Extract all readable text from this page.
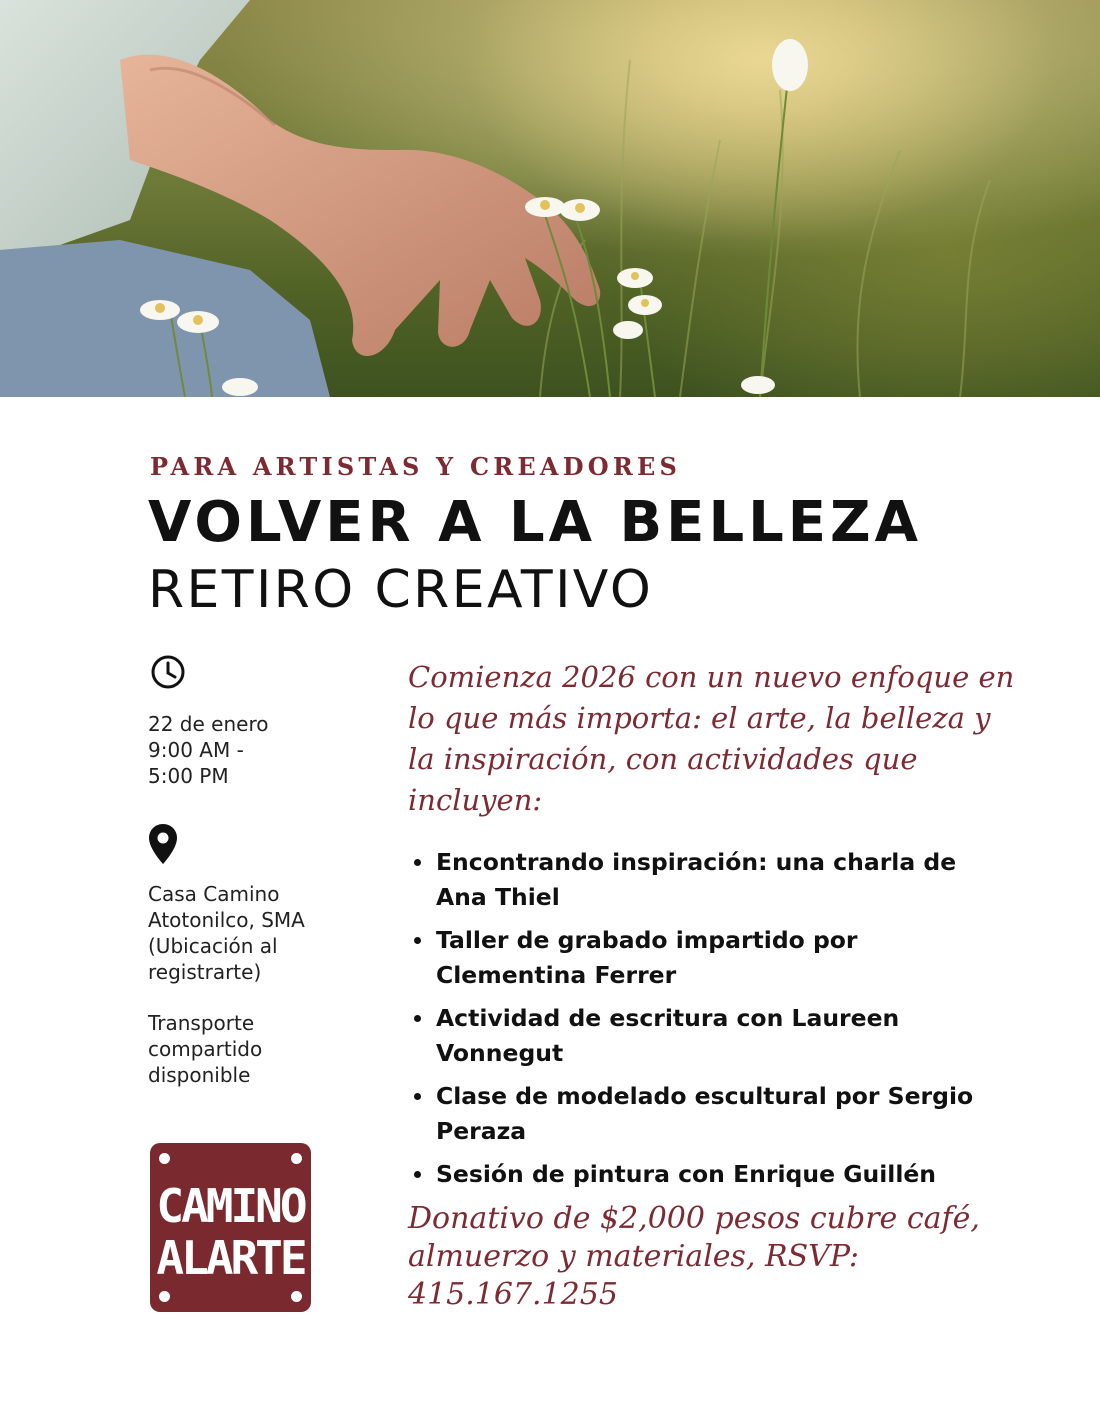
PARA ARTISTAS Y CREADORES
VOLVER A LA BELLEZA
RETIRO CREATIVO
22 de enero
9:00 AM -
5:00 PM
Casa Camino
Atotonilco, SMA
(Ubicación al
registrarte)
Transporte
compartido
disponible
CAMINO
ALARTE
Comienza 2026 con un nuevo enfoque en lo que más importa: el arte, la belleza y la inspiración, con actividades que incluyen:
Encontrando inspiración: una charla de Ana Thiel
Taller de grabado impartido por Clementina Ferrer
Actividad de escritura con Laureen Vonnegut
Clase de modelado escultural por Sergio Peraza
Sesión de pintura con Enrique Guillén
Donativo de $2,000 pesos cubre café, almuerzo y materiales, RSVP: 415.167.1255
